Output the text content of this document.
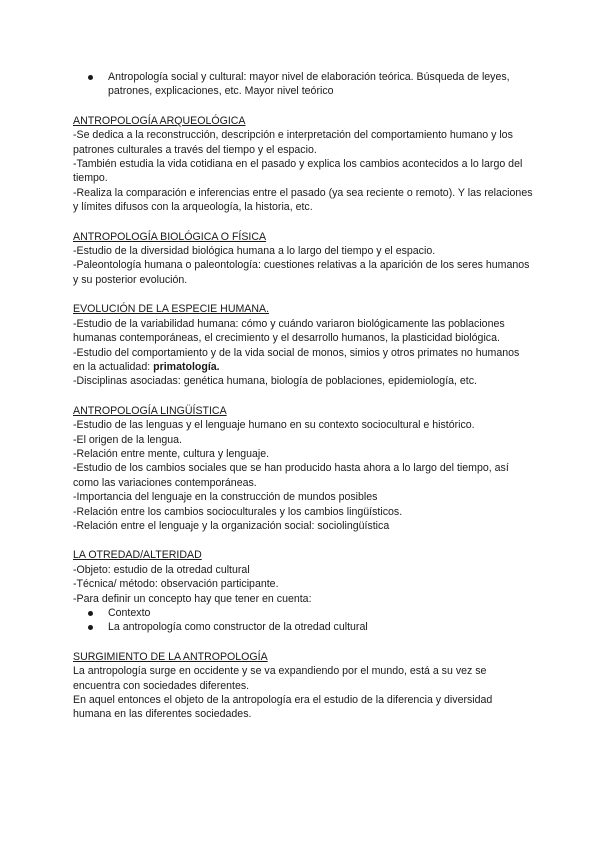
Antropología social y cultural: mayor nivel de elaboración teórica. Búsqueda de leyes, patrones, explicaciones, etc. Mayor nivel teórico

ANTROPOLOGÍA ARQUEOLÓGICA

-Se dedica a la reconstrucción, descripción e interpretación del comportamiento humano y los patrones culturales a través del tiempo y el espacio.

-También estudia la vida cotidiana en el pasado y explica los cambios acontecidos a lo largo del tiempo.

-Realiza la comparación e inferencias entre el pasado (ya sea reciente o remoto). Y las relaciones y límites difusos con la arqueología, la historia, etc.

ANTROPOLOGÍA BIOLÓGICA O FÍSICA

-Estudio de la diversidad biológica humana a lo largo del tiempo y el espacio.

-Paleontología humana o paleontología: cuestiones relativas a la aparición de los seres humanos y su posterior evolución.

EVOLUCIÓN DE LA ESPECIE HUMANA.

-Estudio de la variabilidad humana: cómo y cuándo variaron biológicamente las poblaciones humanas contemporáneas, el crecimiento y el desarrollo humanos, la plasticidad biológica.

-Estudio del comportamiento y de la vida social de monos, simios y otros primates no humanos en la actualidad: primatología.

-Disciplinas asociadas: genética humana, biología de poblaciones, epidemiología, etc.

ANTROPOLOGÍA LINGÜÍSTICA

-Estudio de las lenguas y el lenguaje humano en su contexto sociocultural e histórico.

-El origen de la lengua.

-Relación entre mente, cultura y lenguaje.

-Estudio de los cambios sociales que se han producido hasta ahora a lo largo del tiempo, así como las variaciones contemporáneas.

-Importancia del lenguaje en la construcción de mundos posibles

-Relación entre los cambios socioculturales y los cambios lingüísticos.

-Relación entre el lenguaje y la organización social: sociolingüística

LA OTREDAD/ALTERIDAD

-Objeto: estudio de la otredad cultural

-Técnica/ método: observación participante.

-Para definir un concepto hay que tener en cuenta:

Contexto
La antropología como constructor de la otredad cultural

SURGIMIENTO DE LA ANTROPOLOGÍA

La antropología surge en occidente y se va expandiendo por el mundo, está a su vez se encuentra con sociedades diferentes.

En aquel entonces el objeto de la antropología era el estudio de la diferencia y diversidad humana en las diferentes sociedades.
